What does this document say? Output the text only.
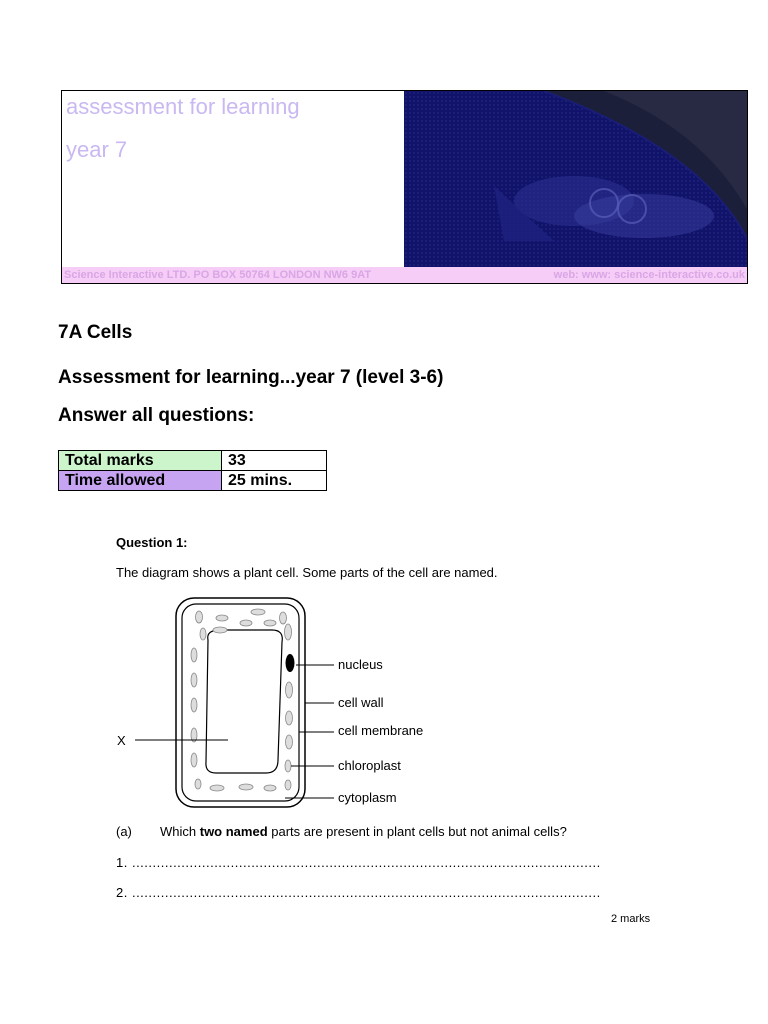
assessment for learning
year 7
Science Interactive LTD. PO BOX 50764 LONDON NW6 9AT	web: www: science-interactive.co.uk
7A Cells
Assessment for learning...year 7 (level 3-6)
Answer all questions:
Total marks	33
Time allowed	25 mins.
Question 1:
The diagram shows a plant cell. Some parts of the cell are named.
nucleus
cell wall
cell membrane
chloroplast
cytoplasm
X
(a) Which two named parts are present in plant cells but not animal cells?
1. ..................................................................................................................
2. ..................................................................................................................
2 marks
